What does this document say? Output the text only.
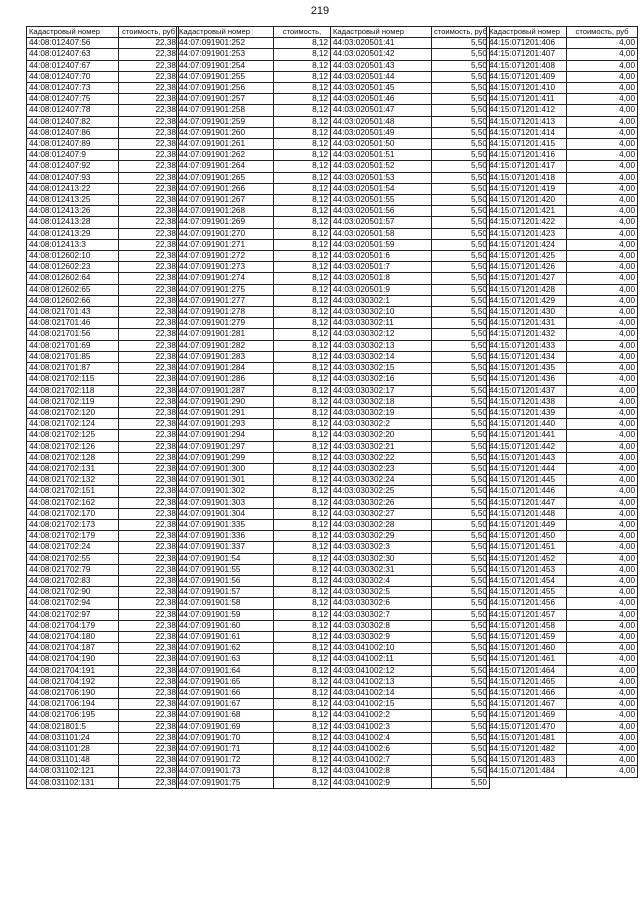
219
Кадастровый номер	стоимость, руб
44:08:012407:56	22,38
44:08:012407:63	22,38
44:08:012407:67	22,38
44:08:012407:70	22,38
44:08:012407:73	22,38
44:08:012407:75	22,38
44:08:012407:78	22,38
44:08:012407:82	22,38
44:08:012407:86	22,38
44:08:012407:89	22,38
44:08:012407:9	22,38
44:08:012407:92	22,38
44:08:012407:93	22,38
44:08:012413:22	22,38
44:08:012413:25	22,38
44:08:012413:26	22,38
44:08:012413:28	22,38
44:08:012413:29	22,38
44:08:012413:3	22,38
44:08:012602:10	22,38
44:08:012602:23	22,38
44:08:012602:64	22,38
44:08:012602:65	22,38
44:08:012602:66	22,38
44:08:021701:43	22,38
44:08:021701:46	22,38
44:08:021701:56	22,38
44:08:021701:69	22,38
44:08:021701:85	22,38
44:08:021701:87	22,38
44:08:021702:115	22,38
44:08:021702:118	22,38
44:08:021702:119	22,38
44:08:021702:120	22,38
44:08:021702:124	22,38
44:08:021702:125	22,38
44:08:021702:126	22,38
44:08:021702:128	22,38
44:08:021702:131	22,38
44:08:021702:132	22,38
44:08:021702:151	22,38
44:08:021702:162	22,38
44:08:021702:170	22,38
44:08:021702:173	22,38
44:08:021702:179	22,38
44:08:021702:24	22,38
44:08:021702:55	22,38
44:08:021702:79	22,38
44:08:021702:83	22,38
44:08:021702:90	22,38
44:08:021702:94	22,38
44:08:021702:97	22,38
44:08:021704:179	22,38
44:08:021704:180	22,38
44:08:021704:187	22,38
44:08:021704:190	22,38
44:08:021704:191	22,38
44:08:021704:192	22,38
44:08:021706:190	22,38
44:08:021706:194	22,38
44:08:021706:195	22,38
44:08:021801:5	22,38
44:08:031101:24	22,38
44:08:031101:28	22,38
44:08:031101:48	22,38
44:08:031102:121	22,38
44:08:031102:131	22,38
Кадастровый номер	стоимость,
44:07:091901:252	8,12
44:07:091901:253	8,12
44:07:091901:254	8,12
44:07:091901:255	8,12
44:07:091901:256	8,12
44:07:091901:257	8,12
44:07:091901:258	8,12
44:07:091901:259	8,12
44:07:091901:260	8,12
44:07:091901:261	8,12
44:07:091901:262	8,12
44:07:091901:264	8,12
44:07:091901:265	8,12
44:07:091901:266	8,12
44:07:091901:267	8,12
44:07:091901:268	8,12
44:07:091901:269	8,12
44:07:091901:270	8,12
44:07:091901:271	8,12
44:07:091901:272	8,12
44:07:091901:273	8,12
44:07:091901:274	8,12
44:07:091901:275	8,12
44:07:091901:277	8,12
44:07:091901:278	8,12
44:07:091901:279	8,12
44:07:091901:281	8,12
44:07:091901:282	8,12
44:07:091901:283	8,12
44:07:091901:284	8,12
44:07:091901:286	8,12
44:07:091901:287	8,12
44:07:091901:290	8,12
44:07:091901:291	8,12
44:07:091901:293	8,12
44:07:091901:294	8,12
44:07:091901:297	8,12
44:07:091901:299	8,12
44:07:091901:300	8,12
44:07:091901:301	8,12
44:07:091901:302	8,12
44:07:091901:303	8,12
44:07:091901:304	8,12
44:07:091901:335	8,12
44:07:091901:336	8,12
44:07:091901:337	8,12
44:07:091901:54	8,12
44:07:091901:55	8,12
44:07:091901:56	8,12
44:07:091901:57	8,12
44:07:091901:58	8,12
44:07:091901:59	8,12
44:07:091901:60	8,12
44:07:091901:61	8,12
44:07:091901:62	8,12
44:07:091901:63	8,12
44:07:091901:64	8,12
44:07:091901:65	8,12
44:07:091901:66	8,12
44:07:091901:67	8,12
44:07:091901:68	8,12
44:07:091901:69	8,12
44:07:091901:70	8,12
44:07:091901:71	8,12
44:07:091901:72	8,12
44:07:091901:73	8,12
44:07:091901:75	8,12
Кадастровый номер	стоимость, руб
44:03:020501:41	5,50
44:03:020501:42	5,50
44:03:020501:43	5,50
44:03:020501:44	5,50
44:03:020501:45	5,50
44:03:020501:46	5,50
44:03:020501:47	5,50
44:03:020501:48	5,50
44:03:020501:49	5,50
44:03:020501:50	5,50
44:03:020501:51	5,50
44:03:020501:52	5,50
44:03:020501:53	5,50
44:03:020501:54	5,50
44:03:020501:55	5,50
44:03:020501:56	5,50
44:03:020501:57	5,50
44:03:020501:58	5,50
44:03:020501:59	5,50
44:03:020501:6	5,50
44:03:020501:7	5,50
44:03:020501:8	5,50
44:03:020501:9	5,50
44:03:030302:1	5,50
44:03:030302:10	5,50
44:03:030302:11	5,50
44:03:030302:12	5,50
44:03:030302:13	5,50
44:03:030302:14	5,50
44:03:030302:15	5,50
44:03:030302:16	5,50
44:03:030302:17	5,50
44:03:030302:18	5,50
44:03:030302:19	5,50
44:03:030302:2	5,50
44:03:030302:20	5,50
44:03:030302:21	5,50
44:03:030302:22	5,50
44:03:030302:23	5,50
44:03:030302:24	5,50
44:03:030302:25	5,50
44:03:030302:26	5,50
44:03:030302:27	5,50
44:03:030302:28	5,50
44:03:030302:29	5,50
44:03:030302:3	5,50
44:03:030302:30	5,50
44:03:030302:31	5,50
44:03:030302:4	5,50
44:03:030302:5	5,50
44:03:030302:6	5,50
44:03:030302:7	5,50
44:03:030302:8	5,50
44:03:030302:9	5,50
44:03:041002:10	5,50
44:03:041002:11	5,50
44:03:041002:12	5,50
44:03:041002:13	5,50
44:03:041002:14	5,50
44:03:041002:15	5,50
44:03:041002:2	5,50
44:03:041002:3	5,50
44:03:041002:4	5,50
44:03:041002:6	5,50
44:03:041002:7	5,50
44:03:041002:8	5,50
44:03:041002:9	5,50
Кадастровый номер	стоимость, руб
44:15:071201:406	4,00
44:15:071201:407	4,00
44:15:071201:408	4,00
44:15:071201:409	4,00
44:15:071201:410	4,00
44:15:071201:411	4,00
44:15:071201:412	4,00
44:15:071201:413	4,00
44:15:071201:414	4,00
44:15:071201:415	4,00
44:15:071201:416	4,00
44:15:071201:417	4,00
44:15:071201:418	4,00
44:15:071201:419	4,00
44:15:071201:420	4,00
44:15:071201:421	4,00
44:15:071201:422	4,00
44:15:071201:423	4,00
44:15:071201:424	4,00
44:15:071201:425	4,00
44:15:071201:426	4,00
44:15:071201:427	4,00
44:15:071201:428	4,00
44:15:071201:429	4,00
44:15:071201:430	4,00
44:15:071201:431	4,00
44:15:071201:432	4,00
44:15:071201:433	4,00
44:15:071201:434	4,00
44:15:071201:435	4,00
44:15:071201:436	4,00
44:15:071201:437	4,00
44:15:071201:438	4,00
44:15:071201:439	4,00
44:15:071201:440	4,00
44:15:071201:441	4,00
44:15:071201:442	4,00
44:15:071201:443	4,00
44:15:071201:444	4,00
44:15:071201:445	4,00
44:15:071201:446	4,00
44:15:071201:447	4,00
44:15:071201:448	4,00
44:15:071201:449	4,00
44:15:071201:450	4,00
44:15:071201:451	4,00
44:15:071201:452	4,00
44:15:071201:453	4,00
44:15:071201:454	4,00
44:15:071201:455	4,00
44:15:071201:456	4,00
44:15:071201:457	4,00
44:15:071201:458	4,00
44:15:071201:459	4,00
44:15:071201:460	4,00
44:15:071201:461	4,00
44:15:071201:464	4,00
44:15:071201:465	4,00
44:15:071201:466	4,00
44:15:071201:467	4,00
44:15:071201:469	4,00
44:15:071201:470	4,00
44:15:071201:481	4,00
44:15:071201:482	4,00
44:15:071201:483	4,00
44:15:071201:484	4,00
